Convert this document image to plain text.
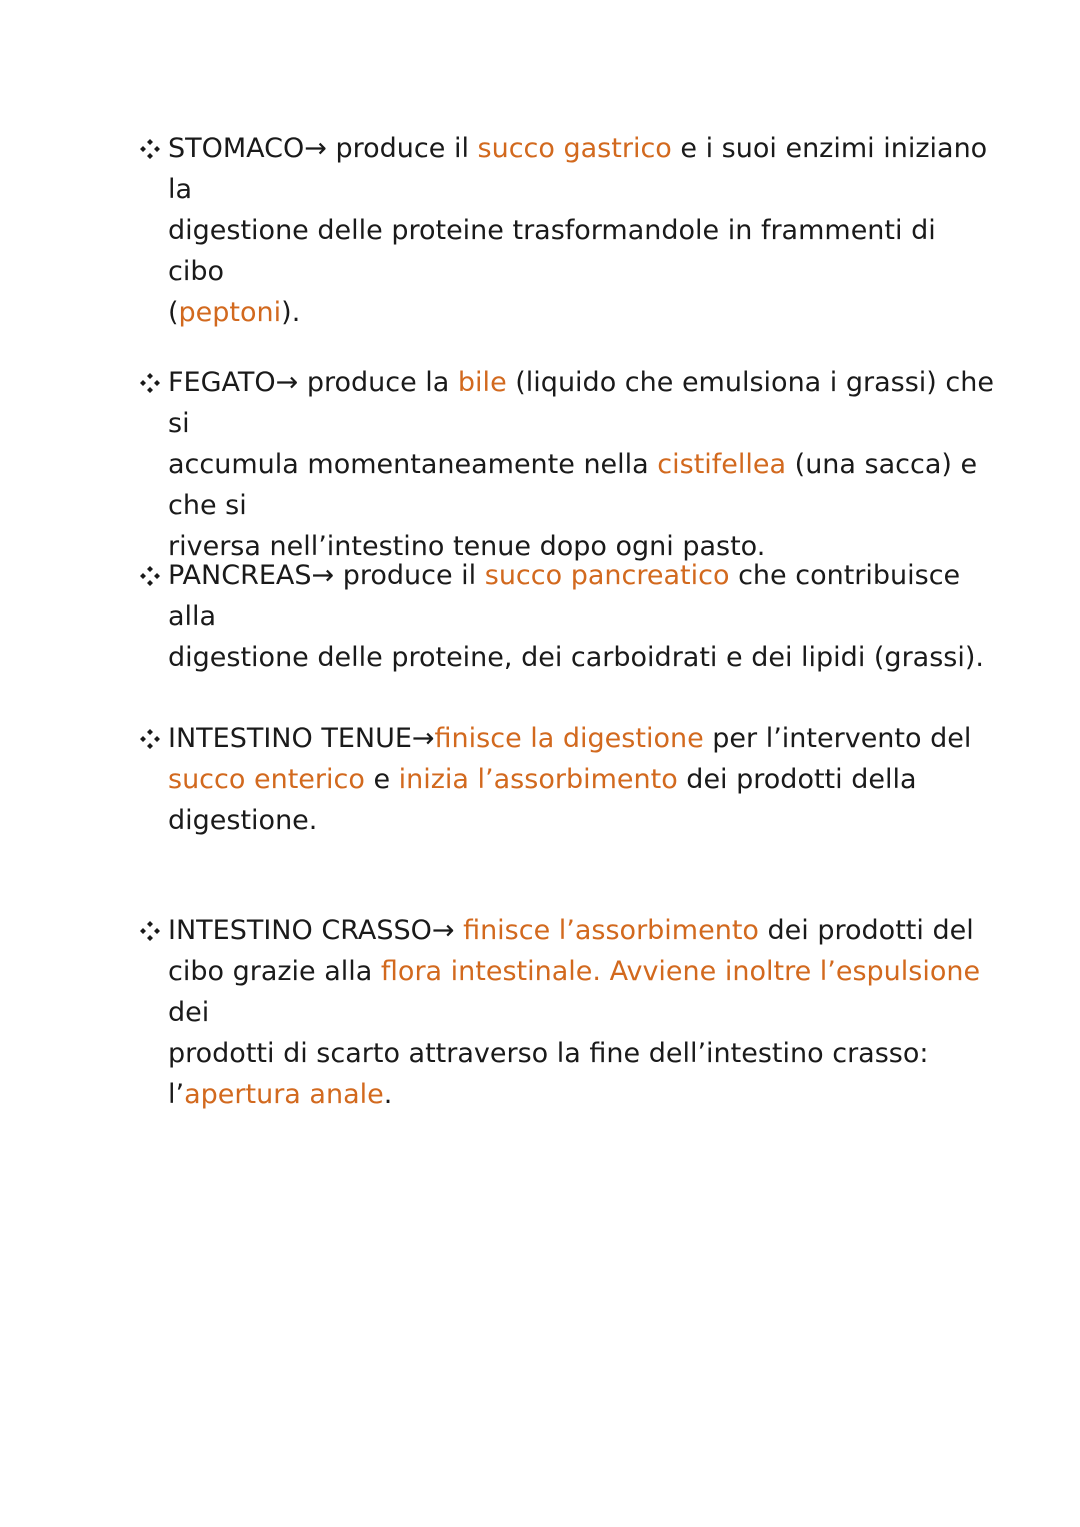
STOMACO→ produce il succo gastrico e i suoi enzimi iniziano la
digestione delle proteine trasformandole in frammenti di cibo
(peptoni).
FEGATO→ produce la bile (liquido che emulsiona i grassi) che si
accumula momentaneamente nella cistifellea (una sacca) e che si
riversa nell’intestino tenue dopo ogni pasto.
PANCREAS→ produce il succo pancreatico che contribuisce alla
digestione delle proteine, dei carboidrati e dei lipidi (grassi).
INTESTINO TENUE→finisce la digestione per l’intervento del
succo enterico e inizia l’assorbimento dei prodotti della
digestione.
INTESTINO CRASSO→ finisce l’assorbimento dei prodotti del
cibo grazie alla flora intestinale. Avviene inoltre l’espulsione dei
prodotti di scarto attraverso la fine dell’intestino crasso:
l’apertura anale.
